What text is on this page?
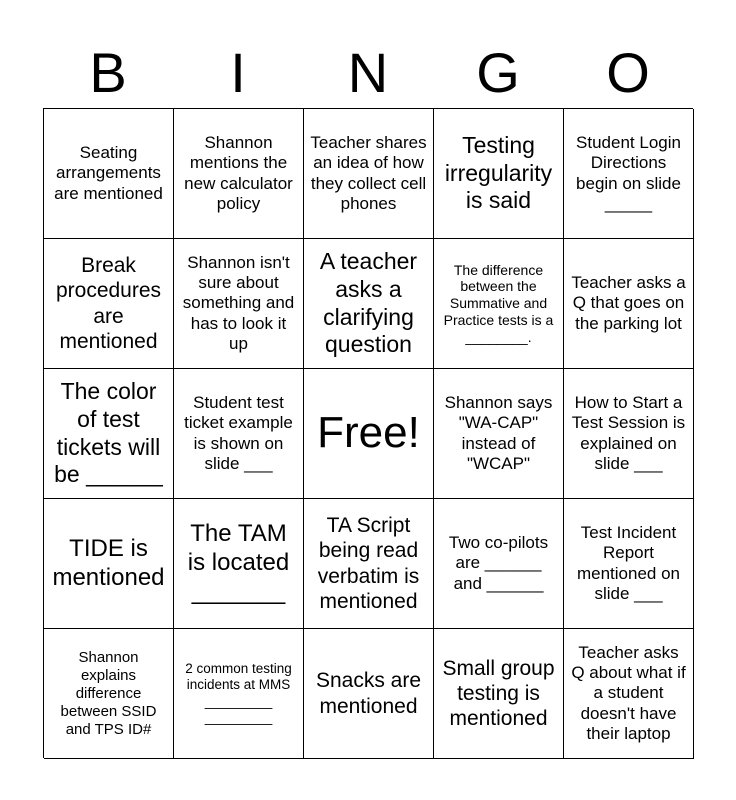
B	I	N	G	O
Seating arrangements are mentioned
Shannon mentions the new calculator policy
Teacher shares an idea of how they collect cell phones
Testing irregularity is said
Student Login Directions begin on slide _____
Break procedures are mentioned
Shannon isn't sure about something and has to look it up
A teacher asks a clarifying question
The difference between the Summative and Practice tests is a ________.
Teacher asks a Q that goes on the parking lot
The color of test tickets will be ______
Student test ticket example is shown on slide ___
Free!
Shannon says "WA-CAP" instead of "WCAP"
How to Start a Test Session is explained on slide ___
TIDE is mentioned
The TAM is located _______
TA Script being read verbatim is mentioned
Two co-pilots are ______ and ______
Test Incident Report mentioned on slide ___
Shannon explains difference between SSID and TPS ID#
2 common testing incidents at MMS _________ _________
Snacks are mentioned
Small group testing is mentioned
Teacher asks Q about what if a student doesn't have their laptop
